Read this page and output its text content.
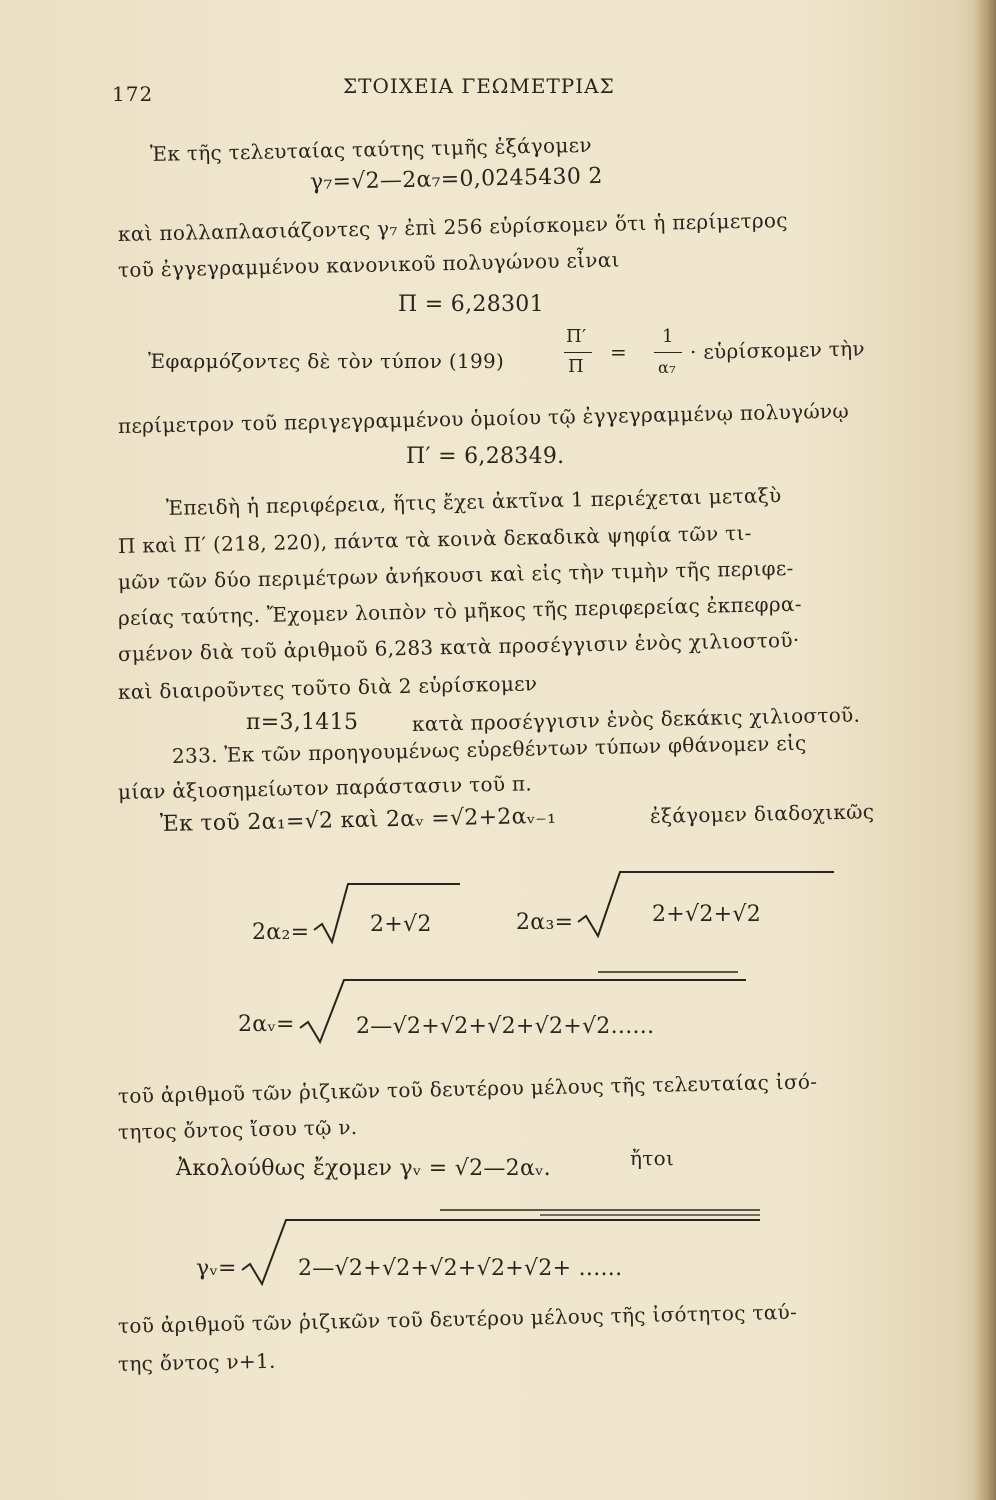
172	ΣΤΟΙΧΕΙΑ ΓΕΩΜΕΤΡΙΑΣ
Ἐκ τῆς τελευταίας ταύτης τιμῆς ἐξάγομεν
γ₇=√2—2α₇=0,0245430 2
καὶ πολλαπλασιάζοντες γ₇ ἐπὶ 256 εὑρίσκομεν ὅτι ἡ περίμετρος
τοῦ ἐγγεγραμμένου κανονικοῦ πολυγώνου εἶναι
Π = 6,28301
Ἐφαρμόζοντες δὲ τὸν τύπον (199)
Π′
Π
=
1
α₇
· εὑρίσκομεν τὴν
περίμετρον τοῦ περιγεγραμμένου ὁμοίου τῷ ἐγγεγραμμένῳ πολυγώνῳ
Π′ = 6,28349.
Ἐπειδὴ ἡ περιφέρεια, ἥτις ἔχει ἀκτῖνα 1 περιέχεται μεταξὺ
Π καὶ Π′ (218, 220), πάντα τὰ κοινὰ δεκαδικὰ ψηφία τῶν τι-
μῶν τῶν δύο περιμέτρων ἀνήκουσι καὶ εἰς τὴν τιμὴν τῆς περιφε-
ρείας ταύτης. Ἔχομεν λοιπὸν τὸ μῆκος τῆς περιφερείας ἐκπεφρα-
σμένον διὰ τοῦ ἀριθμοῦ 6,283 κατὰ προσέγγισιν ἑνὸς χιλιοστοῦ·
καὶ διαιροῦντες τοῦτο διὰ 2 εὑρίσκομεν
π=3,1415	κατὰ προσέγγισιν ἑνὸς δεκάκις χιλιοστοῦ.
233. Ἐκ τῶν προηγουμένως εὑρεθέντων τύπων φθάνομεν εἰς
μίαν ἀξιοσημείωτον παράστασιν τοῦ π.
Ἐκ τοῦ 2α₁=√2 καὶ 2αᵥ =√2+2αᵥ₋₁	ἐξάγομεν διαδοχικῶς
2α₂=	2+√2	2α₃=	2+√2+√2
2αᵥ=	2—√2+√2+√2+√2+√2......
τοῦ ἀριθμοῦ τῶν ῥιζικῶν τοῦ δευτέρου μέλους τῆς τελευταίας ἰσό-
τητος ὄντος ἴσου τῷ ν.
Ἀκολούθως ἔχομεν γᵥ = √2—2αᵥ.	ἤτοι
γᵥ=	2—√2+√2+√2+√2+√2+ ......
τοῦ ἀριθμοῦ τῶν ῥιζικῶν τοῦ δευτέρου μέλους τῆς ἰσότητος ταύ-
της ὄντος ν+1.
